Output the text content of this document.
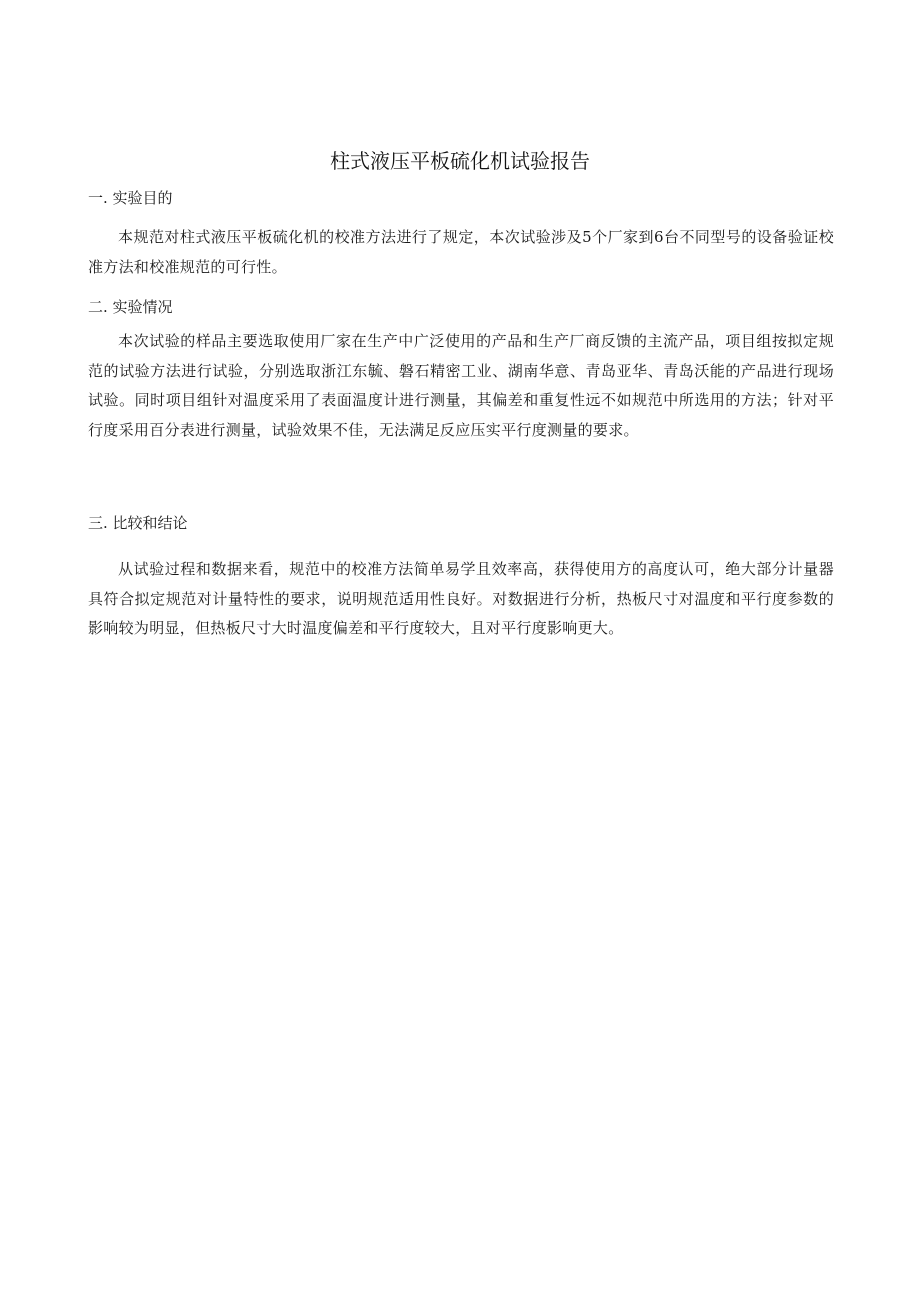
柱式液压平板硫化机试验报告
一. 实验目的

本规范对柱式液压平板硫化机的校准方法进行了规定，本次试验涉及5个厂家到6台不同型号的设备验证校准方法和校准规范的可行性。

二. 实验情况

本次试验的样品主要选取使用厂家在生产中广泛使用的产品和生产厂商反馈的主流产品，项目组按拟定规范的试验方法进行试验，分别选取浙江东毓、磐石精密工业、湖南华意、青岛亚华、青岛沃能的产品进行现场试验。同时项目组针对温度采用了表面温度计进行测量，其偏差和重复性远不如规范中所选用的方法；针对平行度采用百分表进行测量，试验效果不佳，无法满足反应压实平行度测量的要求。

三. 比较和结论

从试验过程和数据来看，规范中的校准方法简单易学且效率高，获得使用方的高度认可，绝大部分计量器具符合拟定规范对计量特性的要求，说明规范适用性良好。对数据进行分析，热板尺寸对温度和平行度参数的影响较为明显，但热板尺寸大时温度偏差和平行度较大，且对平行度影响更大。
